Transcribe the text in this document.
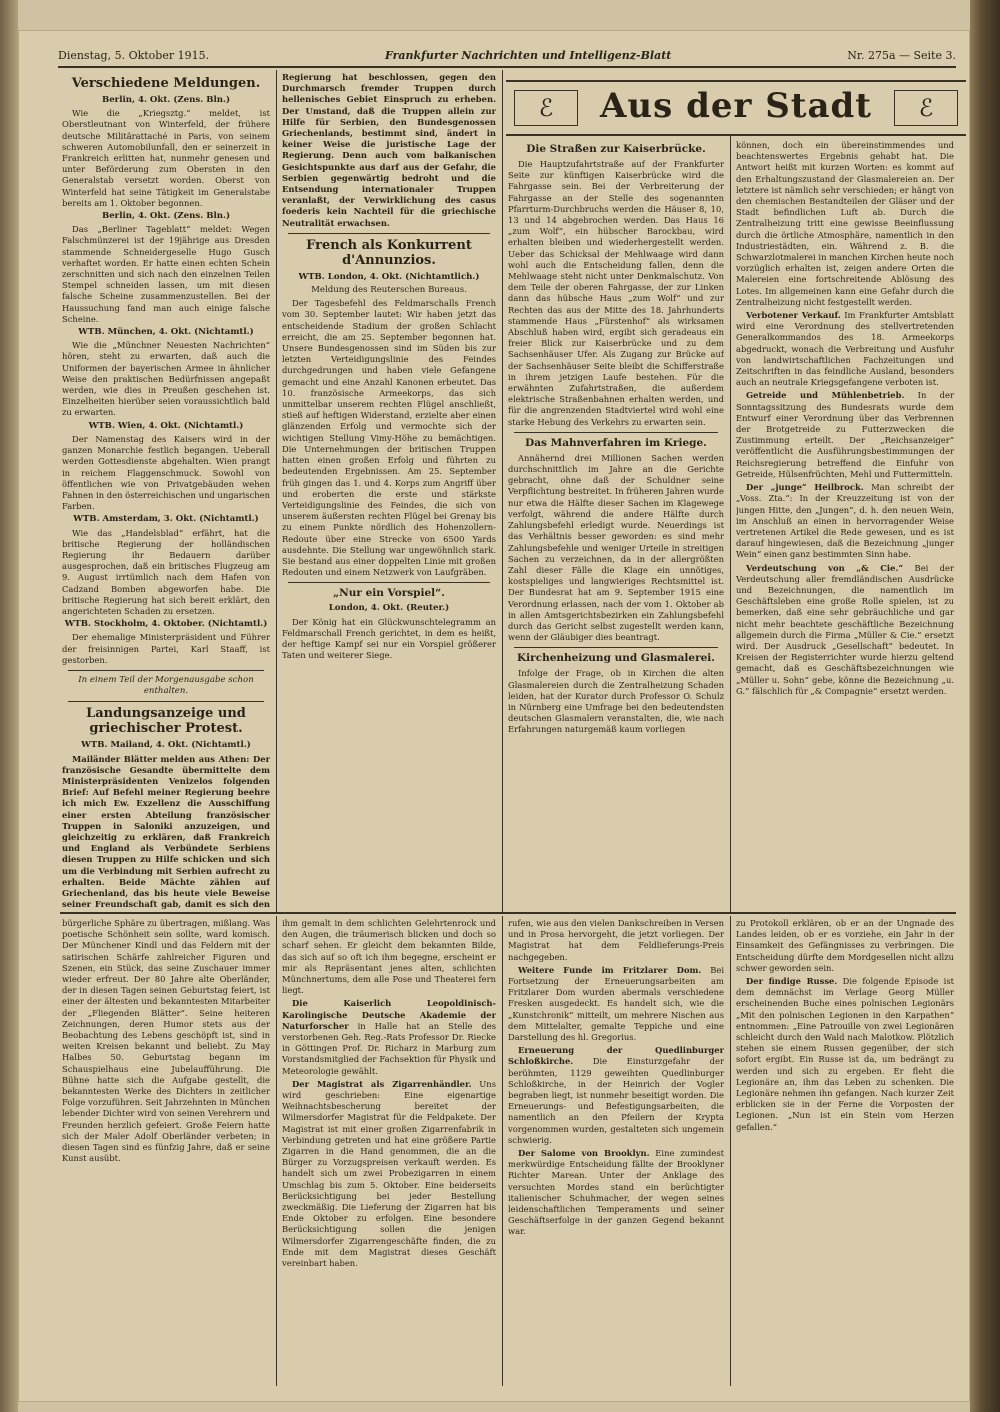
Dienstag, 5. Oktober 1915.	Frankfurter Nachrichten und Intelligenz-Blatt	Nr. 275a — Seite 3.
ℰ	Aus der Stadt	ℰ
Verschiedene Meldungen.
Berlin, 4. Okt. (Zens. Bln.)

Wie die „Kriegsztg.“ meldet, ist Oberstleutnant von Winterfeld, der frühere deutsche Militärattaché in Paris, von seinem schweren Automobilunfall, den er seinerzeit in Frankreich erlitten hat, nunmehr genesen und unter Beförderung zum Obersten in den Generalstab versetzt worden. Oberst von Winterfeld hat seine Tätigkeit im Generalstabe bereits am 1. Oktober begonnen.

Berlin, 4. Okt. (Zens. Bln.)

Das „Berliner Tageblatt“ meldet: Wegen Falschmünzerei ist der 19jährige aus Dresden stammende Schneidergeselle Hugo Gusch verhaftet worden. Er hatte einen echten Schein zerschnitten und sich nach den einzelnen Teilen Stempel schneiden lassen, um mit diesen falsche Scheine zusammenzustellen. Bei der Haussuchung fand man auch einige falsche Scheine.

WTB. München, 4. Okt. (Nichtamtl.)

Wie die „Münchner Neuesten Nachrichten“ hören, steht zu erwarten, daß auch die Uniformen der bayerischen Armee in ähnlicher Weise den praktischen Bedürfnissen angepaßt werden, wie dies in Preußen geschehen ist. Einzelheiten hierüber seien voraussichtlich bald zu erwarten.

WTB. Wien, 4. Okt. (Nichtamtl.)

Der Namenstag des Kaisers wird in der ganzen Monarchie festlich begangen. Ueberall werden Gottesdienste abgehalten. Wien prangt in reichem Flaggenschmuck. Sowohl von öffentlichen wie von Privatgebäuden wehen Fahnen in den österreichischen und ungarischen Farben.

WTB. Amsterdam, 3. Okt. (Nichtamtl.)

Wie das „Handelsblad“ erfährt, hat die britische Regierung der holländischen Regierung ihr Bedauern darüber ausgesprochen, daß ein britisches Flugzeug am 9. August irrtümlich nach dem Hafen von Cadzand Bomben abgeworfen habe. Die britische Regierung hat sich bereit erklärt, den angerichteten Schaden zu ersetzen.

WTB. Stockholm, 4. Oktober. (Nichtamtl.)

Der ehemalige Ministerpräsident und Führer der freisinnigen Partei, Karl Staaff, ist gestorben.

In einem Teil der Morgenausgabe schon enthalten.
Landungsanzeige und griechischer Protest.
WTB. Mailand, 4. Okt. (Nichtamtl.)

Mailänder Blätter melden aus Athen: Der französische Gesandte übermittelte dem Ministerpräsidenten Venizelos folgenden Brief: Auf Befehl meiner Regierung beehre ich mich Ew. Exzellenz die Ausschiffung einer ersten Abteilung französischer Truppen in Saloniki anzuzeigen, und gleichzeitig zu erklären, daß Frankreich und England als Verbündete Serbiens diesen Truppen zu Hilfe schicken und sich um die Verbindung mit Serbien aufrecht zu erhalten. Beide Mächte zählen auf Griechenland, das bis heute viele Beweise seiner Freundschaft gab, damit es sich den

Regierung hat beschlossen, gegen den Durchmarsch fremder Truppen durch hellenisches Gebiet Einspruch zu erheben. Der Umstand, daß die Truppen allein zur Hilfe für Serbien, den Bundesgenossen Griechenlands, bestimmt sind, ändert in keiner Weise die juristische Lage der Regierung. Denn auch vom balkanischen Gesichtspunkte aus darf aus der Gefahr, die Serbien gegenwärtig bedroht und die Entsendung internationaler Truppen veranlaßt, der Verwirklichung des casus foederis kein Nachteil für die griechische Neutralität erwachsen.

French als Konkurrent d'Annunzios.
WTB. London, 4. Okt. (Nichtamtlich.)
Meldung des Reuterschen Bureaus.

Der Tagesbefehl des Feldmarschalls French vom 30. September lautet: Wir haben jetzt das entscheidende Stadium der großen Schlacht erreicht, die am 25. September begonnen hat. Unsere Bundesgenossen sind im Süden bis zur letzten Verteidigungslinie des Feindes durchgedrungen und haben viele Gefangene gemacht und eine Anzahl Kanonen erbeutet. Das 10. französische Armeekorps, das sich unmittelbar unserem rechten Flügel anschließt, stieß auf heftigen Widerstand, erzielte aber einen glänzenden Erfolg und vermochte sich der wichtigen Stellung Vimy-Höhe zu bemächtigen. Die Unternehmungen der britischen Truppen hatten einen großen Erfolg und führten zu bedeutenden Ergebnissen. Am 25. September früh gingen das 1. und 4. Korps zum Angriff über und eroberten die erste und stärkste Verteidigungslinie des Feindes, die sich von unserem äußersten rechten Flügel bei Grenay bis zu einem Punkte nördlich des Hohenzollern-Redoute über eine Strecke von 6500 Yards ausdehnte. Die Stellung war ungewöhnlich stark. Sie bestand aus einer doppelten Linie mit großen Redouten und einem Netzwerk von Laufgräben.

„Nur ein Vorspiel“.
London, 4. Okt. (Reuter.)

Der König hat ein Glückwunschtelegramm an Feldmarschall French gerichtet, in dem es heißt, der heftige Kampf sei nur ein Vorspiel größerer Taten und weiterer Siege.

Die Straßen zur Kaiserbrücke.

Die Hauptzufahrtstraße auf der Frankfurter Seite zur künftigen Kaiserbrücke wird die Fahrgasse sein. Bei der Verbreiterung der Fahrgasse an der Stelle des sogenannten Pfarrturm-Durchbruchs werden die Häuser 8, 10, 13 und 14 abgebrochen werden. Das Haus 16 „zum Wolf“, ein hübscher Barockbau, wird erhalten bleiben und wiederhergestellt werden. Ueber das Schicksal der Mehlwaage wird dann wohl auch die Entscheidung fallen, denn die Mehlwaage steht nicht unter Denkmalschutz. Von dem Teile der oberen Fahrgasse, der zur Linken dann das hübsche Haus „zum Wolf“ und zur Rechten das aus der Mitte des 18. Jahrhunderts stammende Haus „Fürstenhof“ als wirksamen Abschluß haben wird, ergibt sich geradeaus ein freier Blick zur Kaiserbrücke und zu dem Sachsenhäuser Ufer. Als Zugang zur Brücke auf der Sachsenhäuser Seite bleibt die Schifferstraße in ihrem jetzigen Laufe bestehen. Für die erwähnten Zufahrtstraßen, die außerdem elektrische Straßenbahnen erhalten werden, und für die angrenzenden Stadtviertel wird wohl eine starke Hebung des Verkehrs zu erwarten sein.

Das Mahnverfahren im Kriege.

Annähernd drei Millionen Sachen werden durchschnittlich im Jahre an die Gerichte gebracht, ohne daß der Schuldner seine Verpflichtung bestreitet. In früheren Jahren wurde nur etwa die Hälfte dieser Sachen im Klagewege verfolgt, während die andere Hälfte durch Zahlungsbefehl erledigt wurde. Neuerdings ist das Verhältnis besser geworden: es sind mehr Zahlungsbefehle und weniger Urteile in streitigen Sachen zu verzeichnen, da in der allergrößten Zahl dieser Fälle die Klage ein unnötiges, kostspieliges und langwieriges Rechtsmittel ist. Der Bundesrat hat am 9. September 1915 eine Verordnung erlassen, nach der vom 1. Oktober ab in allen Amtsgerichtsbezirken ein Zahlungsbefehl durch das Gericht selbst zugestellt werden kann, wenn der Gläubiger dies beantragt.

Kirchenheizung und Glasmalerei.

Infolge der Frage, ob in Kirchen die alten Glasmalereien durch die Zentralheizung Schaden leiden, hat der Kurator durch Professor O. Schulz in Nürnberg eine Umfrage bei den bedeutendsten deutschen Glasmalern veranstalten, die, wie nach Erfahrungen naturgemäß kaum vorliegen

können, doch ein übereinstimmendes und beachtenswertes Ergebnis gehabt hat. Die Antwort heißt mit kurzen Worten: es kommt auf den Erhaltungszustand der Glasmalereien an. Der letztere ist nämlich sehr verschieden; er hängt von den chemischen Bestandteilen der Gläser und der Stadt befindlichen Luft ab. Durch die Zentralheizung tritt eine gewisse Beeinflussung durch die örtliche Atmosphäre, namentlich in den Industriestädten, ein. Während z. B. die Schwarzlotmalerei in manchen Kirchen heute noch vorzüglich erhalten ist, zeigen andere Orten die Malereien eine fortschreitende Ablösung des Lotes. Im allgemeinen kann eine Gefahr durch die Zentralheizung nicht festgestellt werden.

Verbotener Verkauf. Im Frankfurter Amtsblatt wird eine Verordnung des stellvertretenden Generalkommandos des 18. Armeekorps abgedruckt, wonach die Verbreitung und Ausfuhr von landwirtschaftlichen Fachzeitungen und Zeitschriften in das feindliche Ausland, besonders auch an neutrale Kriegsgefangene verboten ist.

Getreide und Mühlenbetrieb. In der Sonntagssitzung des Bundesrats wurde dem Entwurf einer Verordnung über das Verbrennen der Brotgetreide zu Futterzwecken die Zustimmung erteilt. Der „Reichsanzeiger“ veröffentlicht die Ausführungsbestimmungen der Reichsregierung betreffend die Einfuhr von Getreide, Hülsenfrüchten, Mehl und Futtermitteln.

Der „junge“ Heilbrock. Man schreibt der „Voss. Zta.“: In der Kreuzzeitung ist von der jungen Hitte, den „Jungen“, d. h. den neuen Wein, im Anschluß an einen in hervorragender Weise vertretenen Artikel die Rede gewesen, und es ist darauf hingewiesen, daß die Bezeichnung „junger Wein“ einen ganz bestimmten Sinn habe.

Verdeutschung von „& Cie.“ Bei der Verdeutschung aller fremdländischen Ausdrücke und Bezeichnungen, die namentlich im Geschäftsleben eine große Rolle spielen, ist zu bemerken, daß eine sehr gebräuchliche und gar nicht mehr beachtete geschäftliche Bezeichnung allgemein durch die Firma „Müller & Cie.“ ersetzt wird. Der Ausdruck „Gesellschaft“ bedeutet. In Kreisen der Registerrichter wurde hierzu geltend gemacht, daß es Geschäftsbezeichnungen wie „Müller u. Sohn“ gebe, könne die Bezeichnung „u. G.“ fälschlich für „& Compagnie“ ersetzt werden.

bürgerliche Sphäre zu übertragen, mißlang. Was poetische Schönheit sein sollte, ward komisch. Der Münchener Kindl und das Feldern mit der satirischen Schärfe zahlreicher Figuren und Szenen, ein Stück, das seine Zuschauer immer wieder erfreut. Der 80 Jahre alte Oberländer, der in diesen Tagen seinen Geburtstag feiert, ist einer der ältesten und bekanntesten Mitarbeiter der „Fliegenden Blätter“. Seine heiteren Zeichnungen, deren Humor stets aus der Beobachtung des Lebens geschöpft ist, sind in weiten Kreisen bekannt und beliebt. Zu May Halbes 50. Geburtstag begann im Schauspielhaus eine Jubelaufführung. Die Bühne hatte sich die Aufgabe gestellt, die bekanntesten Werke des Dichters in zeitlicher Folge vorzuführen. Seit Jahrzehnten in München lebender Dichter wird von seinen Verehrern und Freunden herzlich gefeiert. Große Feiern hatte sich der Maler Adolf Oberländer verbeten; in diesen Tagen sind es fünfzig Jahre, daß er seine Kunst ausübt.

ihm gemalt in dem schlichten Gelehrtenrock und den Augen, die träumerisch blicken und doch so scharf sehen. Er gleicht dem bekannten Bilde, das sich auf so oft ich ihm begegne, erscheint er mir als Repräsentant jenes alten, schlichten Münchnertums, dem alle Pose und Theaterei fern liegt.

Die Kaiserlich Leopoldinisch-Karolingische Deutsche Akademie der Naturforscher in Halle hat an Stelle des verstorbenen Geh. Reg.-Rats Professor Dr. Riecke in Göttingen Prof. Dr. Richarz in Marburg zum Vorstandsmitglied der Fachsektion für Physik und Meteorologie gewählt.

Der Magistrat als Zigarrenhändler. Uns wird geschrieben: Eine eigenartige Weihnachtsbescherung bereitet der Wilmersdorfer Magistrat für die Feldpakete. Der Magistrat ist mit einer großen Zigarrenfabrik in Verbindung getreten und hat eine größere Partie Zigarren in die Hand genommen, die an die Bürger zu Vorzugspreisen verkauft werden. Es handelt sich um zwei Probezigarren in einem Umschlag bis zum 5. Oktober. Eine beiderseits Berücksichtigung bei jeder Bestellung zweckmäßig. Die Lieferung der Zigarren hat bis Ende Oktober zu erfolgen. Eine besondere Berücksichtigung sollen die jenigen Wilmersdorfer Zigarrengeschäfte finden, die zu Ende mit dem Magistrat dieses Geschäft vereinbart haben.

rufen, wie aus den vielen Dankschreiben in Versen und in Prosa hervorgeht, die jetzt vorliegen. Der Magistrat hat dem Feldlieferungs-Preis nachgegeben.

Weitere Funde im Fritzlarer Dom. Bei Fortsetzung der Erneuerungsarbeiten am Fritzlarer Dom wurden abermals verschiedene Fresken ausgedeckt. Es handelt sich, wie die „Kunstchronik“ mitteilt, um mehrere Nischen aus dem Mittelalter, gemalte Teppiche und eine Darstellung des hl. Gregorius.

Erneuerung der Quedlinburger Schloßkirche. Die Einsturzgefahr der berühmten, 1129 geweihten Quedlinburger Schloßkirche, in der Heinrich der Vogler begraben liegt, ist nunmehr beseitigt worden. Die Erneuerungs- und Befestigungsarbeiten, die namentlich an den Pfeilern der Krypta vorgenommen wurden, gestalteten sich ungemein schwierig.

Der Salome von Brooklyn. Eine zumindest merkwürdige Entscheidung fällte der Brooklyner Richter Marean. Unter der Anklage des versuchten Mordes stand ein berüchtigter italienischer Schuhmacher, der wegen seines leidenschaftlichen Temperaments und seiner Geschäftserfolge in der ganzen Gegend bekannt war.

zu Protokoll erklären, ob er an der Ungnade des Landes leiden, ob er es vorziehe, ein Jahr in der Einsamkeit des Gefängnisses zu verbringen. Die Entscheidung dürfte dem Mordgesellen nicht allzu schwer geworden sein.

Der findige Russe. Die folgende Episode ist dem demnächst im Verlage Georg Müller erscheinenden Buche eines polnischen Legionärs „Mit den polnischen Legionen in den Karpathen“ entnommen: „Eine Patrouille von zwei Legionären schleicht durch den Wald nach Malotkow. Plötzlich stehen sie einem Russen gegenüber, der sich sofort ergibt. Ein Russe ist da, um bedrängt zu werden und sich zu ergeben. Er fleht die Legionäre an, ihm das Leben zu schenken. Die Legionäre nehmen ihn gefangen. Nach kurzer Zeit erblicken sie in der Ferne die Vorposten der Legionen. „Nun ist ein Stein vom Herzen gefallen.“
